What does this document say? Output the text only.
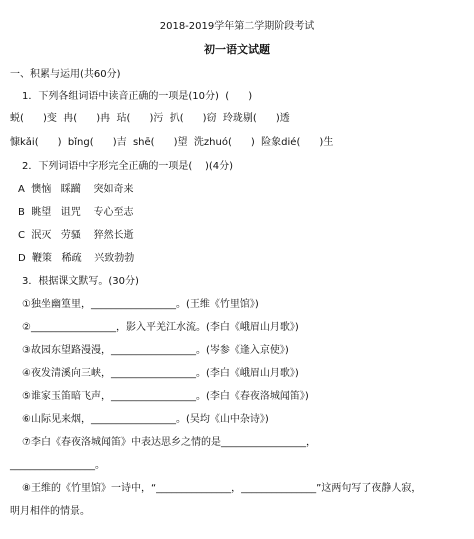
2018-2019学年第二学期阶段考试
初一语文试题
一、积累与运用(共60分)
1．下列各组词语中读音正确的一项是(10分)  (      )
蜕(      )变  冉(      )冉  玷(      )污  扒(      )窃  玲珑剔(      )透
慷kǎi(      )  bǐng(      )吉  shē(      )望  洗zhuó(      )  险象dié(      )生
2．下列词语中字形完全正确的一项是(    )(4分)
A  懊恼   睬躏    突如奇来
B  眺望   诅咒    专心至志
C  泯灭   劳骚    猝然长逝
D  鞭策   稀疏    兴致勃勃
3．根据课文默写。(30分)
①独坐幽篁里，_________________。(王维《竹里馆》)
②_________________，影入平羌江水流。(李白《峨眉山月歌》)
③故园东望路漫漫，_________________。(岑参《逢入京使》)
④夜发清溪向三峡，_________________。(李白《峨眉山月歌》)
⑤谁家玉笛暗飞声，_________________。(李白《春夜洛城闻笛》)
⑥山际见来烟，_________________。(吴均《山中杂诗》)
⑦李白《春夜洛城闻笛》中表达思乡之情的是_________________，
_________________。
⑧王维的《竹里馆》一诗中，“_______________，_______________”这两句写了夜静人寂，
明月相伴的情景。
